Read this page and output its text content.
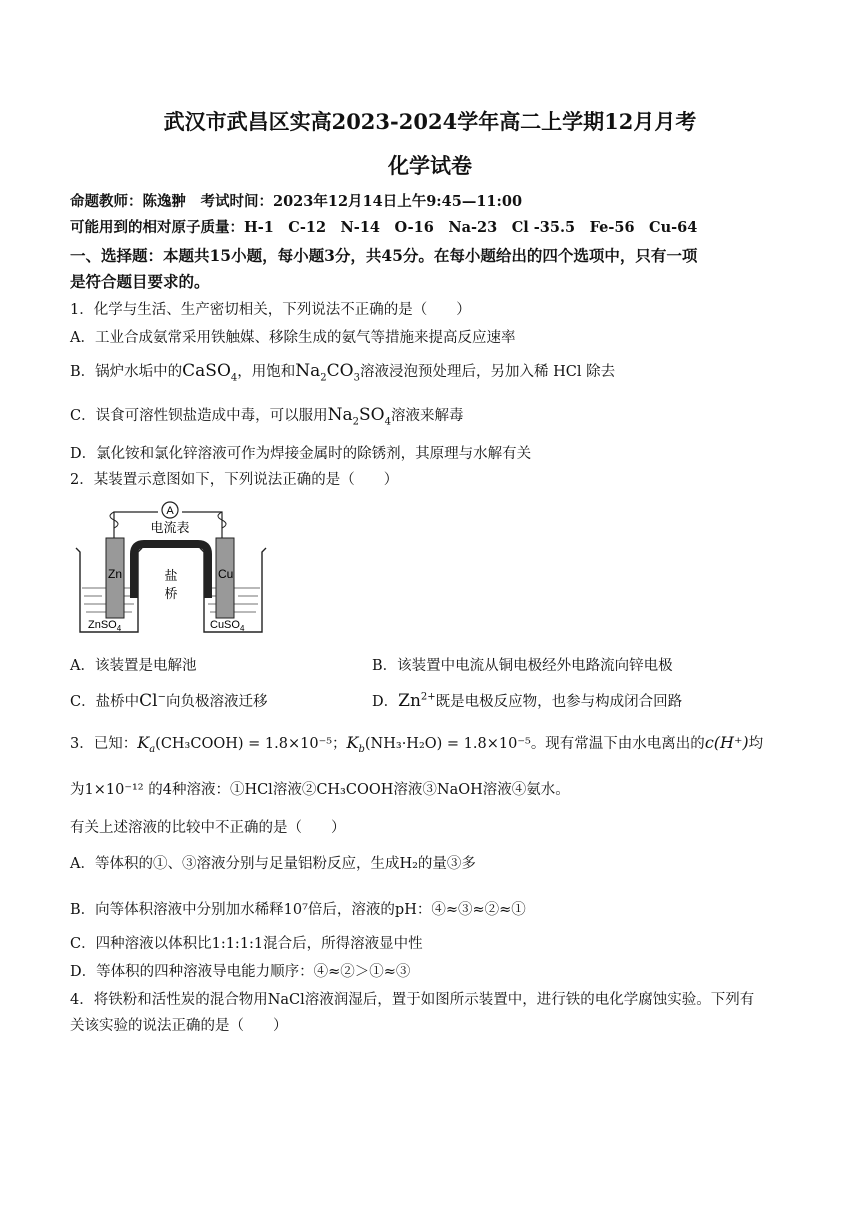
武汉市武昌区实高2023-2024学年高二上学期12月月考
化学试卷
命题教师：陈逸翀　考试时间：2023年12月14日上午9:45—11:00
可能用到的相对原子质量：H-1　C-12　N-14　O-16　Na-23　Cl -35.5　Fe-56　Cu-64
一、选择题：本题共15小题，每小题3分，共45分。在每小题给出的四个选项中，只有一项
是符合题目要求的。
1．化学与生活、生产密切相关，下列说法不正确的是（　　）
A．工业合成氨常采用铁触媒、移除生成的氨气等措施来提高反应速率
B．锅炉水垢中的CaSO$_4$，用饱和$Na_2CO_3$溶液浸泡预处理后，另加入稀 HCl 除去
C．误食可溶性钡盐造成中毒，可以服用$Na_2SO_4$溶液来解毒
D．氯化铵和氯化锌溶液可作为焊接金属时的除锈剂，其原理与水解有关
2．某装置示意图如下，下列说法正确的是（　　）
A
电流表
Zn	Cu
盐
桥
ZnSO$_4$	CuSO$_4$
A．该装置是电解池	B．该装置中电流从铜电极经外电路流向锌电极
C．盐桥中Cl−向负极溶液迁移	D．$Zn^{2+}$既是电极反应物，也参与构成闭合回路
3．已知：$K_a(CH_3COOH) = 1.8\times 10^{-5}$；$K_b(NH_3\cdot H_2O) = 1.8\times 10^{-5}$。现有常温下由水电离出的c(H⁺)均
为1×10⁻¹² 的4种溶液：①HCl溶液②CH₃COOH溶液③NaOH溶液④氨水。
有关上述溶液的比较中不正确的是（　　）
A．等体积的①、③溶液分别与足量铝粉反应，生成H₂的量③多
B．向等体积溶液中分别加水稀释10⁷倍后，溶液的pH：④≈③≈②≈①
C．四种溶液以体积比1:1:1:1混合后，所得溶液显中性
D．等体积的四种溶液导电能力顺序：④≈②＞①≈③
4．将铁粉和活性炭的混合物用NaCl溶液润湿后，置于如图所示装置中，进行铁的电化学腐蚀实验。下列有
关该实验的说法正确的是（　　）
